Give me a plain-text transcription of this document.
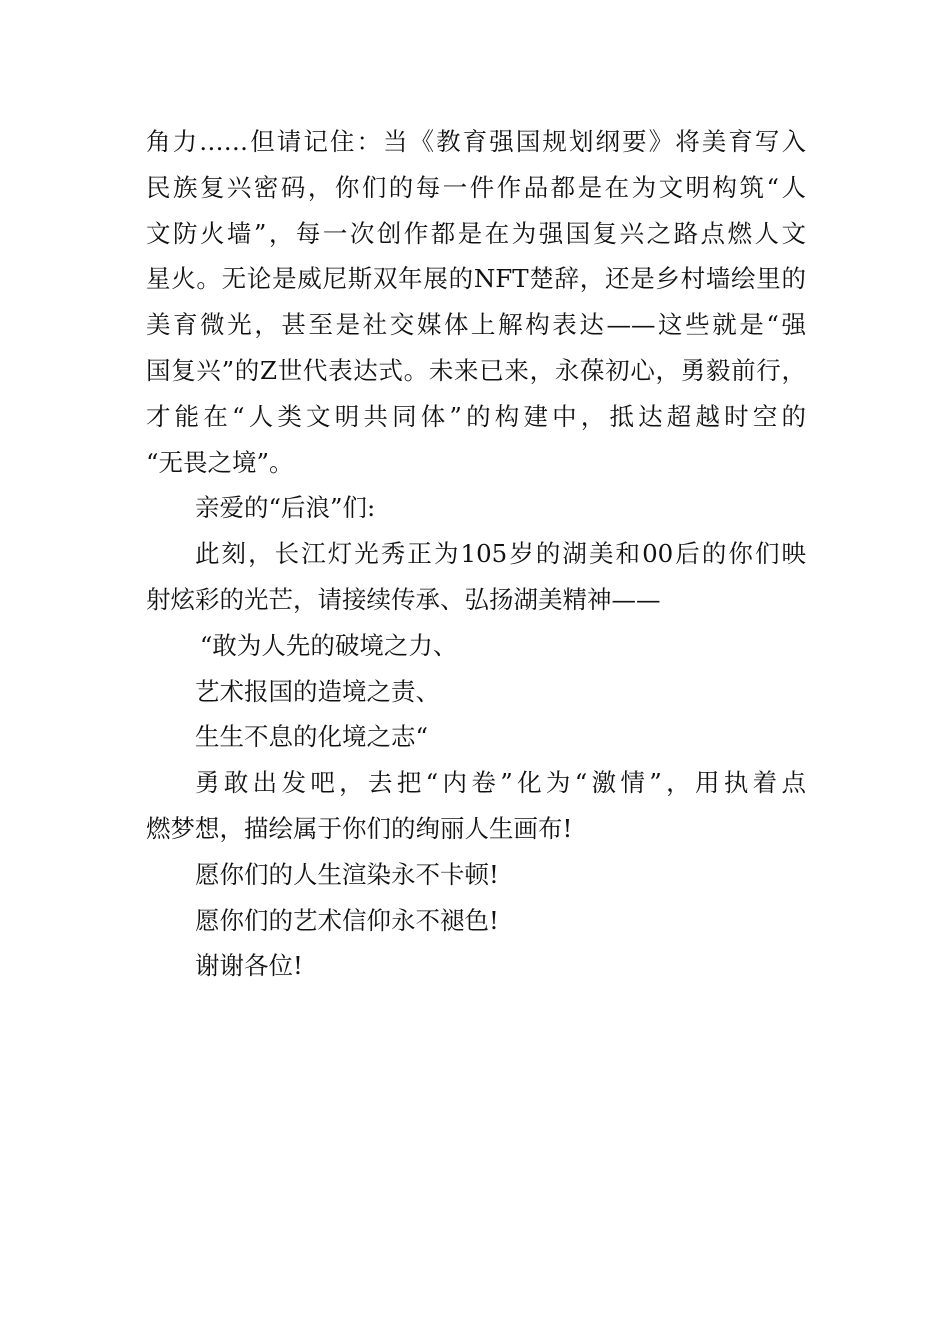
角力……但请记住：当《教育强国规划纲要》将美育写入
民族复兴密码，你们的每一件作品都是在为文明构筑“人
文防火墙”，每一次创作都是在为强国复兴之路点燃人文
星火。无论是威尼斯双年展的NFT楚辞，还是乡村墙绘里的
美育微光，甚至是社交媒体上解构表达——这些就是“强
国复兴”的Z世代表达式。未来已来，永葆初心，勇毅前行，
才能在“人类文明共同体”的构建中，抵达超越时空的
“无畏之境”。
亲爱的“后浪”们:
此刻，长江灯光秀正为105岁的湖美和00后的你们映
射炫彩的光芒，请接续传承、弘扬湖美精神——
“敢为人先的破境之力、
艺术报国的造境之责、
生生不息的化境之志“
勇敢出发吧，去把“内卷”化为“激情”，用执着点
燃梦想，描绘属于你们的绚丽人生画布!
愿你们的人生渲染永不卡顿!
愿你们的艺术信仰永不褪色!
谢谢各位!
